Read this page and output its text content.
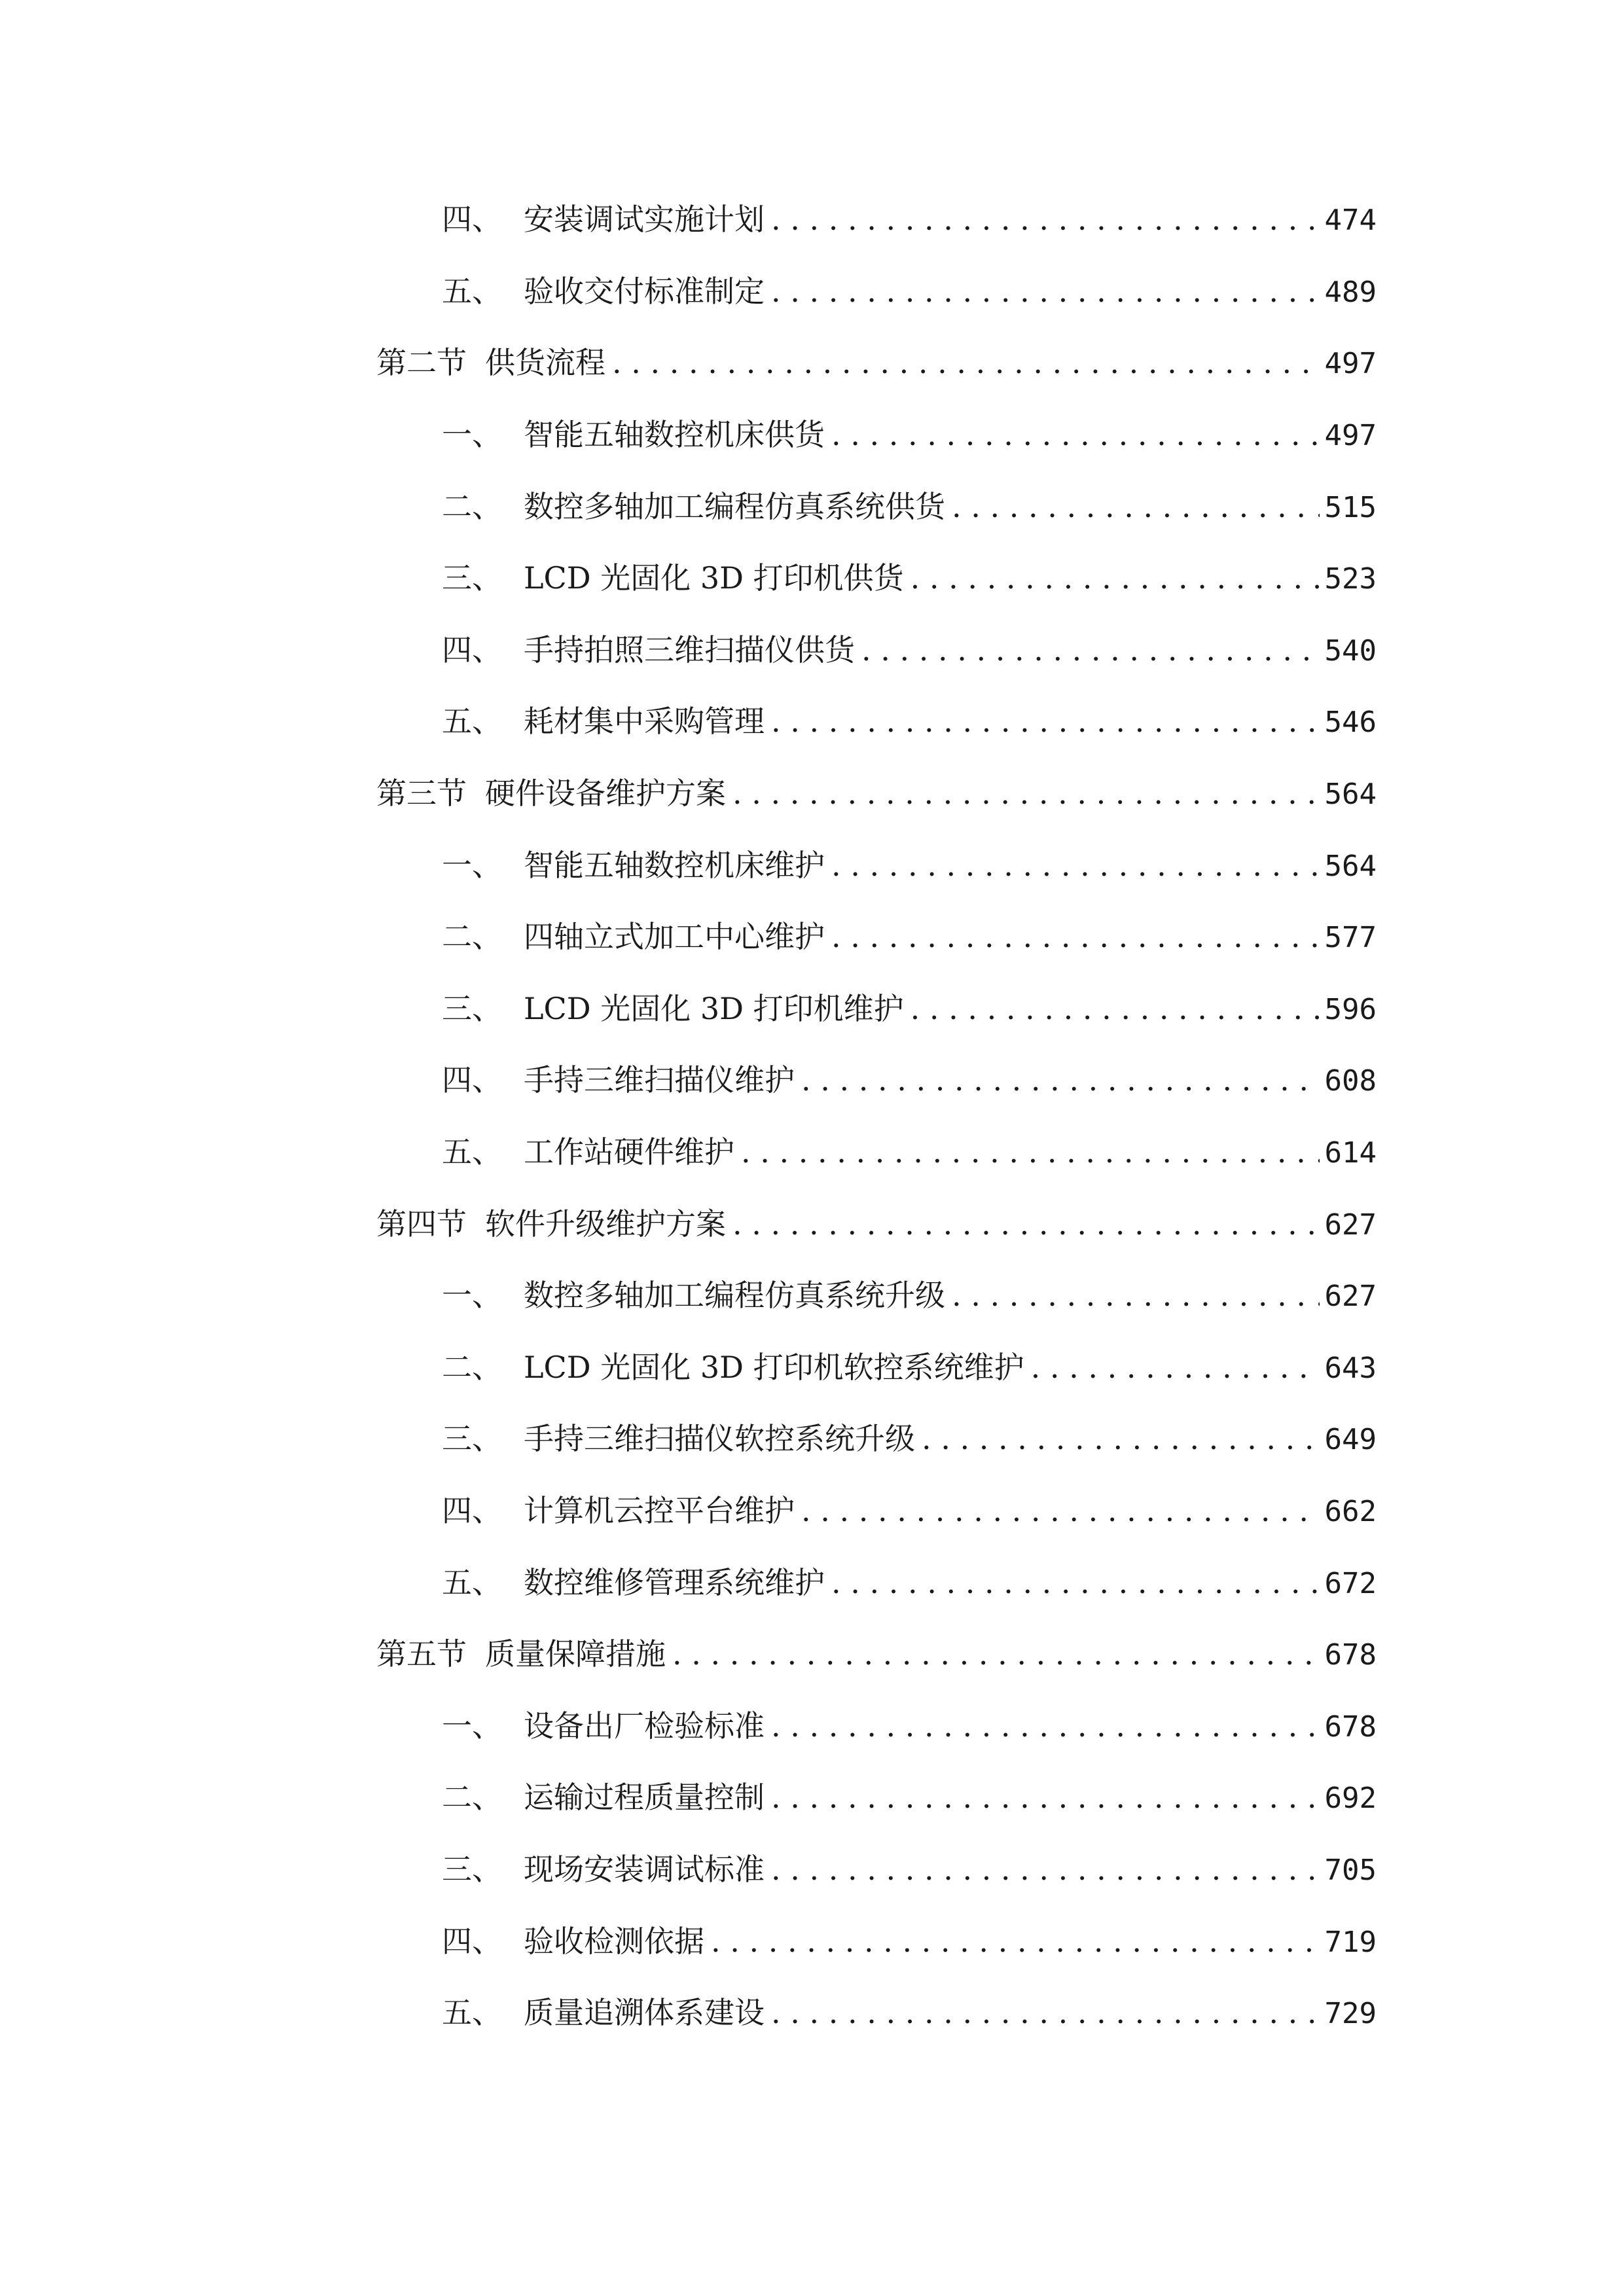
四、 安装调试实施计划 . . .	474
五、 验收交付标准制定 . . .	489
第二节 供货流程 . . .	497
一、 智能五轴数控机床供货 . . .	497
二、 数控多轴加工编程仿真系统供货 . . .	515
三、 LCD 光固化 3D 打印机供货 . . .	523
四、 手持拍照三维扫描仪供货 . . .	540
五、 耗材集中采购管理 . . .	546
第三节 硬件设备维护方案 . . .	564
一、 智能五轴数控机床维护 . . .	564
二、 四轴立式加工中心维护 . . .	577
三、 LCD 光固化 3D 打印机维护 . . .	596
四、 手持三维扫描仪维护 . . .	608
五、 工作站硬件维护 . . .	614
第四节 软件升级维护方案 . . .	627
一、 数控多轴加工编程仿真系统升级 . . .	627
二、 LCD 光固化 3D 打印机软控系统维护 . . .	643
三、 手持三维扫描仪软控系统升级 . . .	649
四、 计算机云控平台维护 . . .	662
五、 数控维修管理系统维护 . . .	672
第五节 质量保障措施 . . .	678
一、 设备出厂检验标准 . . .	678
二、 运输过程质量控制 . . .	692
三、 现场安装调试标准 . . .	705
四、 验收检测依据 . . .	719
五、 质量追溯体系建设 . . .	729
